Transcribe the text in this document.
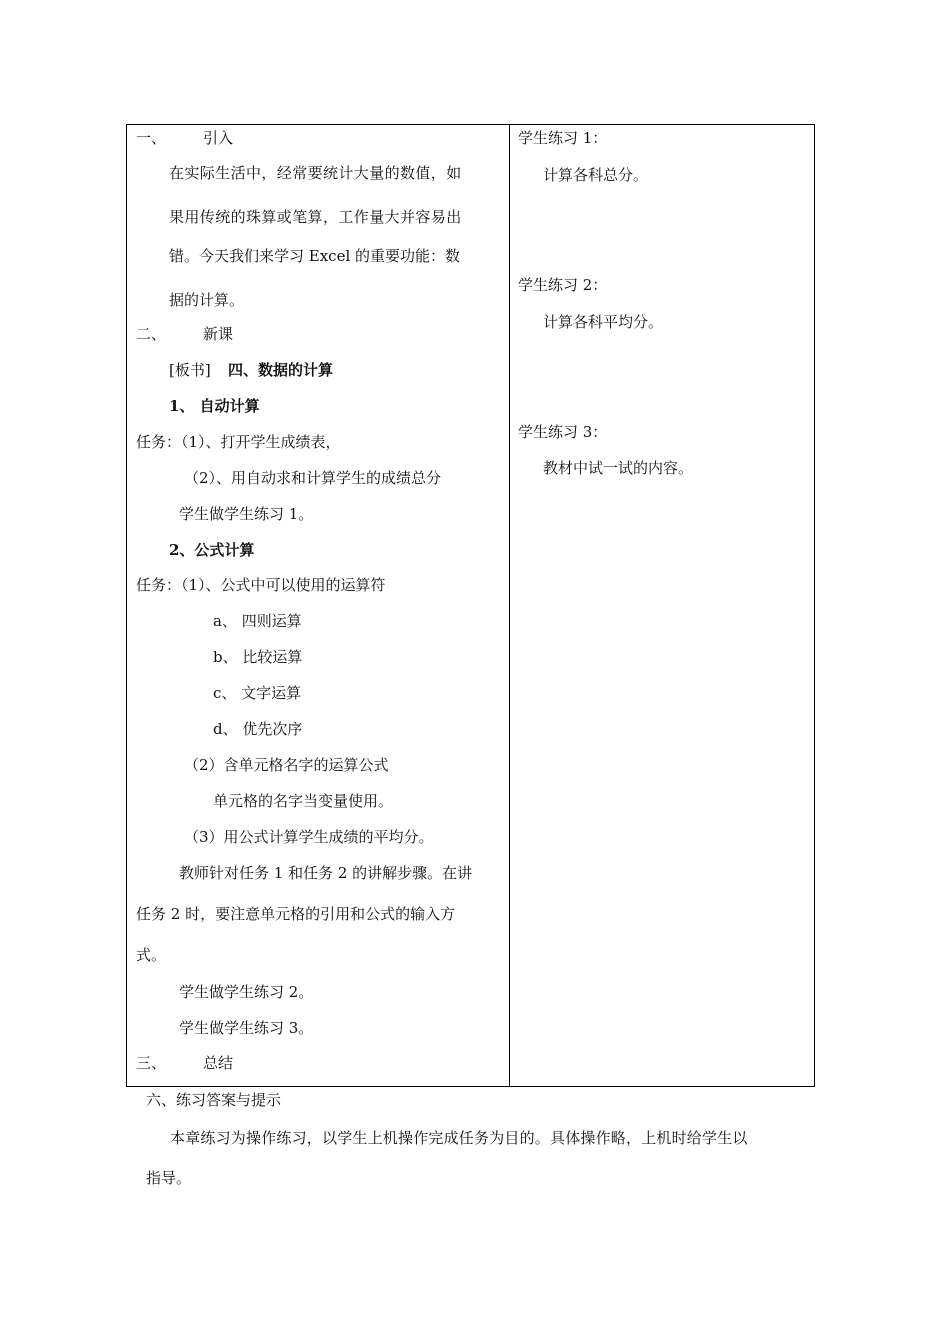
一、 引入
在实际生活中，经常要统计大量的数值，如
果用传统的珠算或笔算，工作量大并容易出
错。今天我们来学习 Excel 的重要功能：数
据的计算。
二、 新课
[板书] 四、数据的计算
1、 自动计算
任务：（1）、打开学生成绩表，
（2）、用自动求和计算学生的成绩总分
学生做学生练习 1。
2、公式计算
任务：（1）、公式中可以使用的运算符
a、 四则运算
b、 比较运算
c、 文字运算
d、 优先次序
（2）含单元格名字的运算公式
单元格的名字当变量使用。
（3）用公式计算学生成绩的平均分。
教师针对任务 1 和任务 2 的讲解步骤。在讲
任务 2 时，要注意单元格的引用和公式的输入方
式。
学生做学生练习 2。
学生做学生练习 3。
三、 总结
学生练习 1：
计算各科总分。
学生练习 2：
计算各科平均分。
学生练习 3：
教材中试一试的内容。
六、练习答案与提示
本章练习为操作练习，以学生上机操作完成任务为目的。具体操作略，上机时给学生以
指导。
